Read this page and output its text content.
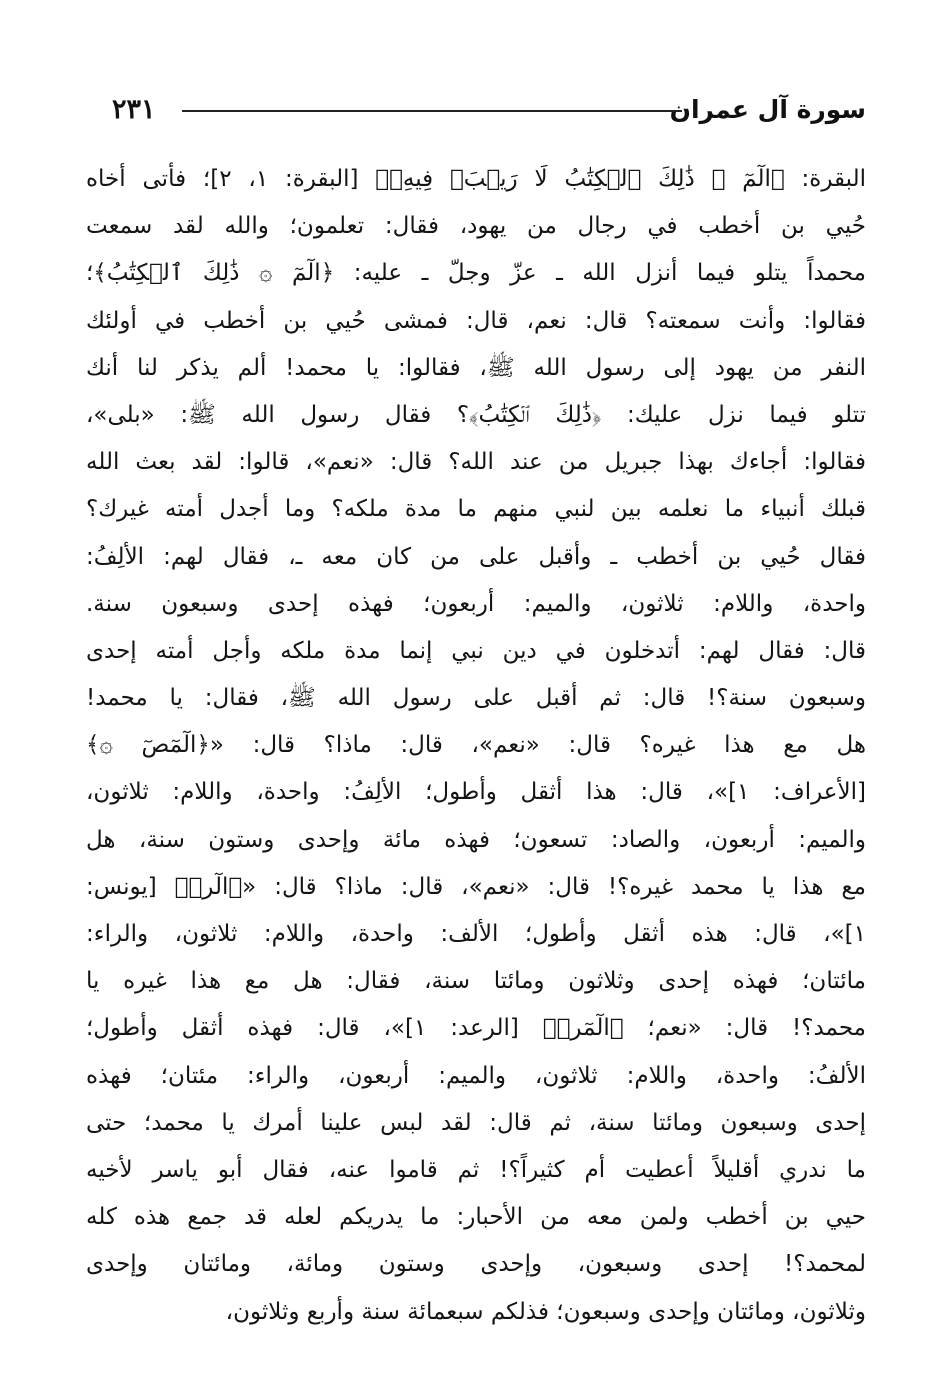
٢٣١	سورة آل عمران
البقرة: ﴿الٓمٓ ۞ ذَٰلِكَ ٱلۡكِتَٰبُ لَا رَيۡبَۛ فِيهِۛ﴾ [البقرة: ١، ٢]؛ فأتى أخاه
حُيي بن أخطب في رجال من يهود، فقال: تعلمون؛ والله لقد سمعت
محمداً يتلو فيما أنزل الله ـ عزّ وجلّ ـ عليه: ﴿الٓمٓ ۞ ذَٰلِكَ ٱلۡكِتَٰبُ﴾؛
فقالوا: وأنت سمعته؟ قال: نعم، قال: فمشى حُيي بن أخطب في أولئك
النفر من يهود إلى رسول الله ﷺ، فقالوا: يا محمد! ألم يذكر لنا أنك
تتلو فيما نزل عليك: ﴿ذَٰلِكَ ٱلۡكِتَٰبُ﴾؟ فقال رسول الله ﷺ: «بلى»،
فقالوا: أجاءك بهذا جبريل من عند الله؟ قال: «نعم»، قالوا: لقد بعث الله
قبلك أنبياء ما نعلمه بين لنبي منهم ما مدة ملكه؟ وما أجدل أمته غيرك؟
فقال حُيي بن أخطب ـ وأقبل على من كان معه ـ، فقال لهم: الألِفُ:
واحدة، واللام: ثلاثون، والميم: أربعون؛ فهذه إحدى وسبعون سنة.
قال: فقال لهم: أتدخلون في دين نبي إنما مدة ملكه وأجل أمته إحدى
وسبعون سنة؟! قال: ثم أقبل على رسول الله ﷺ، فقال: يا محمد!
هل مع هذا غيره؟ قال: «نعم»، قال: ماذا؟ قال: «﴿الٓمٓصٓ ۞﴾
[الأعراف: ١]»، قال: هذا أثقل وأطول؛ الألِفُ: واحدة، واللام: ثلاثون،
والميم: أربعون، والصاد: تسعون؛ فهذه مائة وإحدى وستون سنة، هل
مع هذا يا محمد غيره؟! قال: «نعم»، قال: ماذا؟ قال: «﴿الٓرۚ﴾ [يونس:
١]»، قال: هذه أثقل وأطول؛ الألف: واحدة، واللام: ثلاثون، والراء:
مائتان؛ فهذه إحدى وثلاثون ومائتا سنة، فقال: هل مع هذا غيره يا
محمد؟! قال: «نعم؛ ﴿الٓمٓرۚ﴾ [الرعد: ١]»، قال: فهذه أثقل وأطول؛
الألفُ: واحدة، واللام: ثلاثون، والميم: أربعون، والراء: مئتان؛ فهذه
إحدى وسبعون ومائتا سنة، ثم قال: لقد لبس علينا أمرك يا محمد؛ حتى
ما ندري أقليلاً أعطيت أم كثيراً؟! ثم قاموا عنه، فقال أبو ياسر لأخيه
حيي بن أخطب ولمن معه من الأحبار: ما يدريكم لعله قد جمع هذه كله
لمحمد؟! إحدى وسبعون، وإحدى وستون ومائة، ومائتان وإحدى
وثلاثون، ومائتان وإحدى وسبعون؛ فذلكم سبعمائة سنة وأربع وثلاثون،
